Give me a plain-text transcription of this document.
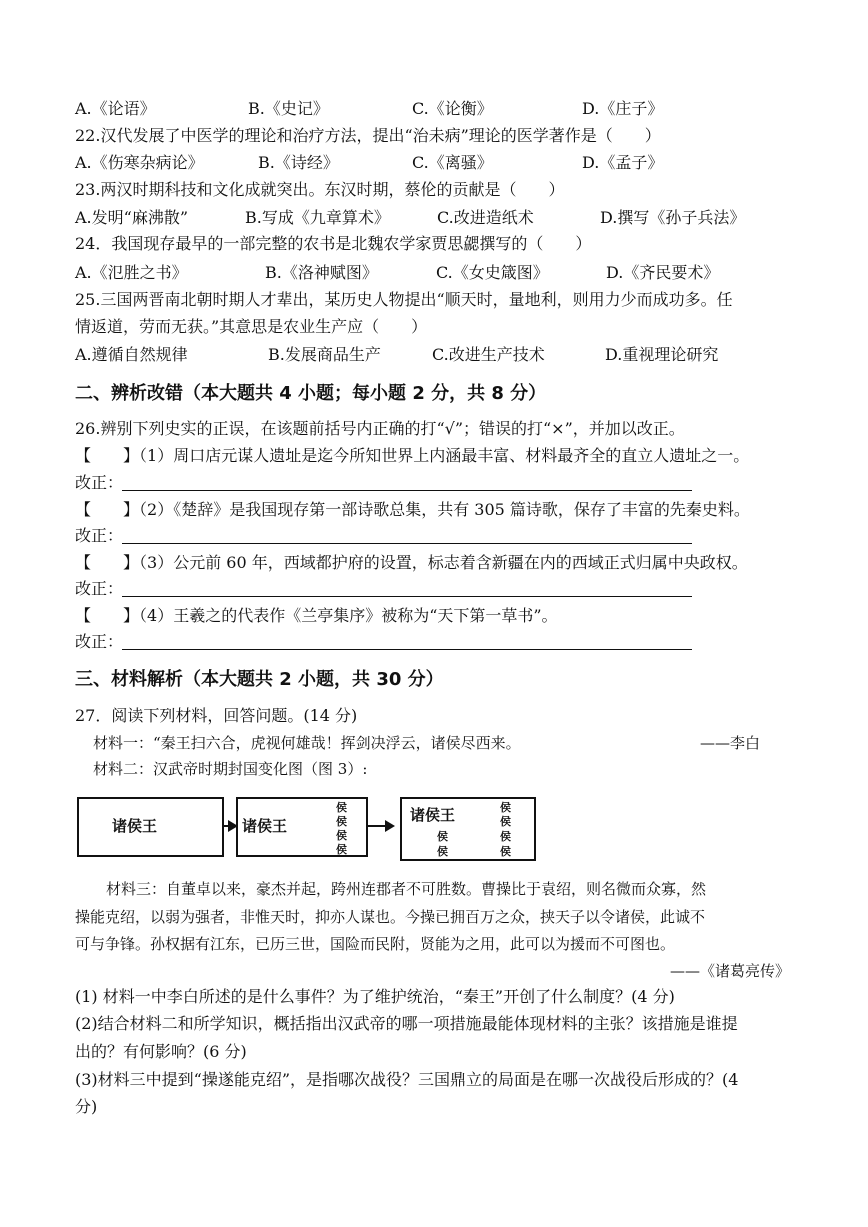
A.《论语》	B.《史记》	C.《论衡》	D.《庄子》
22.汉代发展了中医学的理论和治疗方法，提出“治未病”理论的医学著作是（　　）
A.《伤寒杂病论》	B.《诗经》	C.《离骚》	D.《孟子》
23.两汉时期科技和文化成就突出。东汉时期，蔡伦的贡献是（　　）
A.发明“麻沸散”	B.写成《九章算术》	C.改进造纸术	D.撰写《孙子兵法》
24．我国现存最早的一部完整的农书是北魏农学家贾思勰撰写的（　　）
A.《氾胜之书》	B.《洛神赋图》	C.《女史箴图》	D.《齐民要术》
25.三国两晋南北朝时期人才辈出，某历史人物提出“顺天时，量地利，则用力少而成功多。任
情返道，劳而无获。”其意思是农业生产应（　　）
A.遵循自然规律	B.发展商品生产	C.改进生产技术	D.重视理论研究
二、辨析改错（本大题共 4 小题；每小题 2 分，共 8 分）
26.辨别下列史实的正误，在该题前括号内正确的打“√”；错误的打“×”，并加以改正。
【　　】（1）周口店元谋人遗址是迄今所知世界上内涵最丰富、材料最齐全的直立人遗址之一。
改正：
【　　】（2）《楚辞》是我国现存第一部诗歌总集，共有 305 篇诗歌，保存了丰富的先秦史料。
改正：
【　　】（3）公元前 60 年，西域都护府的设置，标志着含新疆在内的西域正式归属中央政权。
改正：
【　　】（4）王羲之的代表作《兰亭集序》被称为“天下第一草书”。
改正：
三、材料解析（本大题共 2 小题，共 30 分）
27．阅读下列材料，回答问题。(14 分)
材料一：“秦王扫六合，虎视何雄哉！挥剑决浮云，诸侯尽西来。	——李白
材料二：汉武帝时期封国变化图（图 3）:
诸侯王	诸侯王
侯
侯
侯
侯
诸侯王	侯
侯
侯
侯
侯
侯
材料三：自董卓以来，豪杰并起，跨州连郡者不可胜数。曹操比于袁绍，则名微而众寡，然
操能克绍，以弱为强者，非惟天时，抑亦人谋也。今操已拥百万之众，挟天子以令诸侯，此诚不
可与争锋。孙权据有江东，已历三世，国险而民附，贤能为之用，此可以为援而不可图也。
——《诸葛亮传》
(1) 材料一中李白所述的是什么事件？为了维护统治，“秦王”开创了什么制度？(4 分)
(2)结合材料二和所学知识，概括指出汉武帝的哪一项措施最能体现材料的主张？该措施是谁提
出的？有何影响？(6 分)
(3)材料三中提到“操遂能克绍”，是指哪次战役？三国鼎立的局面是在哪一次战役后形成的？(4
分)
